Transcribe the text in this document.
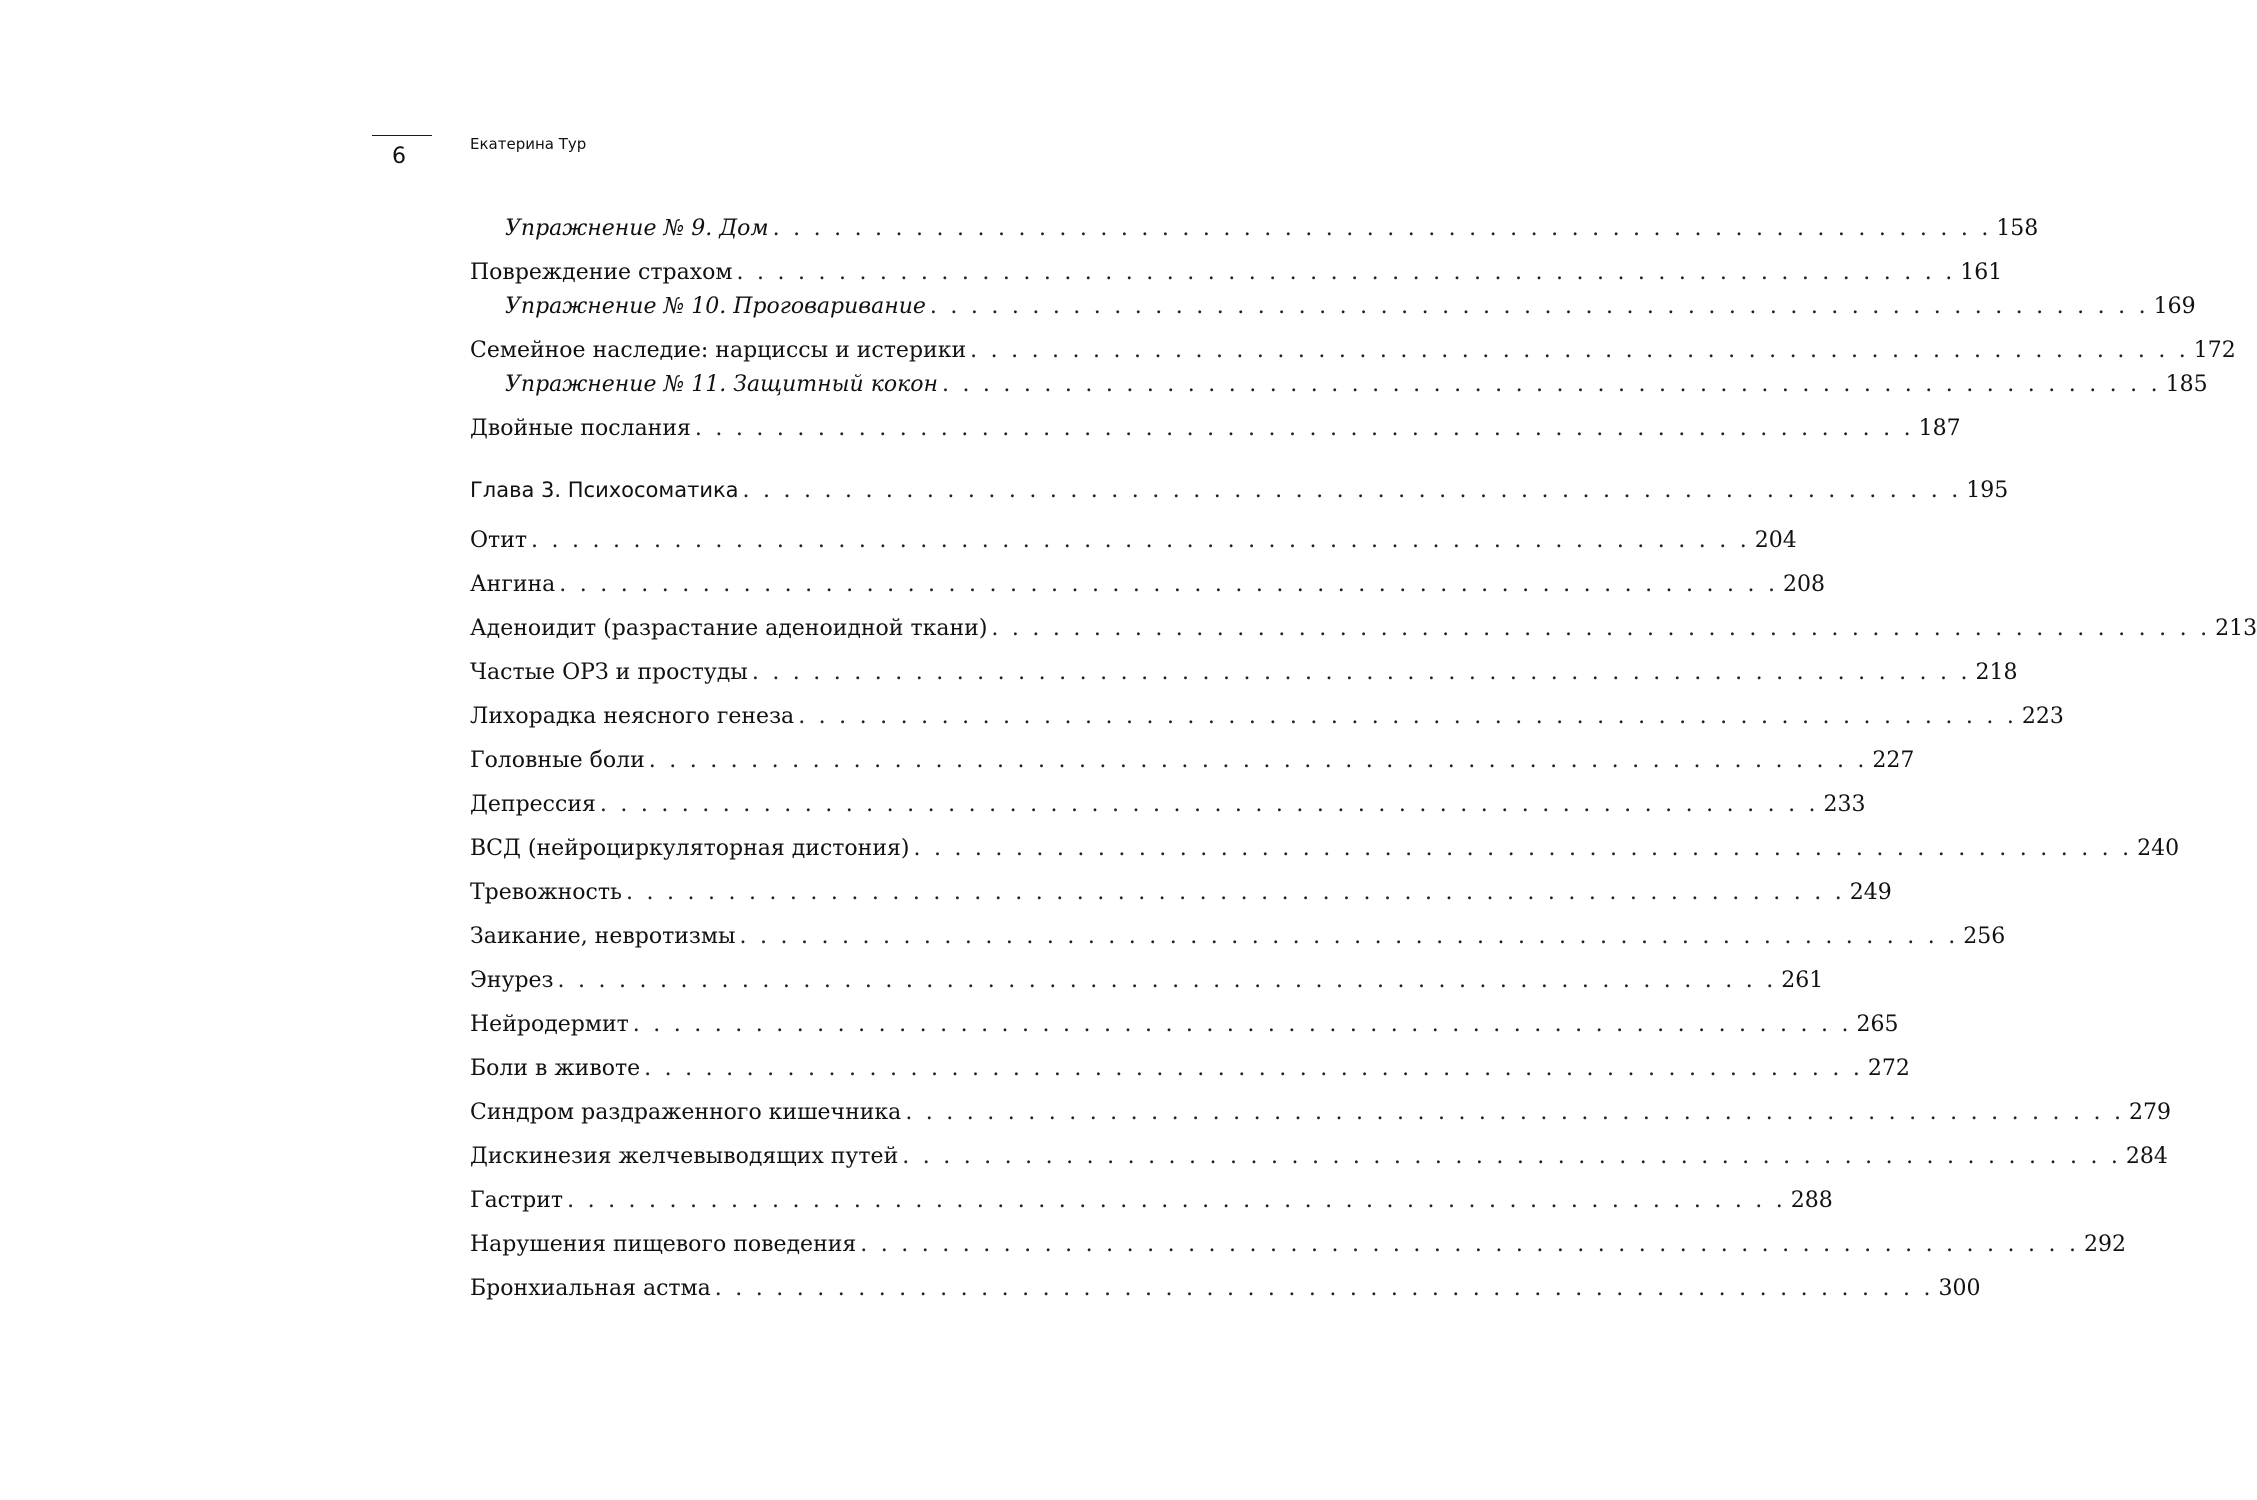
6	Екатерина Тур
Упражнение № 9. Дом . . . . . . . . . . . . . . . . . . . . . . . . . . . . . . . . . . . . . . . . . . . . . . . . . . . . . . . . . . . . 158
Повреждение страхом . . . . . . . . . . . . . . . . . . . . . . . . . . . . . . . . . . . . . . . . . . . . . . . . . . . . . . . . . . . . 161
Упражнение № 10. Проговаривание . . . . . . . . . . . . . . . . . . . . . . . . . . . . . . . . . . . . . . . . . . . . . . . . . . . . . . . . . . . . 169
Семейное наследие: нарциссы и истерики . . . . . . . . . . . . . . . . . . . . . . . . . . . . . . . . . . . . . . . . . . . . . . . . . . . . . . . . . . . . 172
Упражнение № 11. Защитный кокон . . . . . . . . . . . . . . . . . . . . . . . . . . . . . . . . . . . . . . . . . . . . . . . . . . . . . . . . . . . . 185
Двойные послания . . . . . . . . . . . . . . . . . . . . . . . . . . . . . . . . . . . . . . . . . . . . . . . . . . . . . . . . . . . . 187
Глава 3. Психосоматика . . . . . . . . . . . . . . . . . . . . . . . . . . . . . . . . . . . . . . . . . . . . . . . . . . . . . . . . . . . . 195
Отит . . . . . . . . . . . . . . . . . . . . . . . . . . . . . . . . . . . . . . . . . . . . . . . . . . . . . . . . . . . . 204
Ангина . . . . . . . . . . . . . . . . . . . . . . . . . . . . . . . . . . . . . . . . . . . . . . . . . . . . . . . . . . . . 208
Аденоидит (разрастание аденоидной ткани) . . . . . . . . . . . . . . . . . . . . . . . . . . . . . . . . . . . . . . . . . . . . . . . . . . . . . . . . . . . . 213
Частые ОРЗ и простуды . . . . . . . . . . . . . . . . . . . . . . . . . . . . . . . . . . . . . . . . . . . . . . . . . . . . . . . . . . . . 218
Лихорадка неясного генеза . . . . . . . . . . . . . . . . . . . . . . . . . . . . . . . . . . . . . . . . . . . . . . . . . . . . . . . . . . . . 223
Головные боли . . . . . . . . . . . . . . . . . . . . . . . . . . . . . . . . . . . . . . . . . . . . . . . . . . . . . . . . . . . . 227
Депрессия . . . . . . . . . . . . . . . . . . . . . . . . . . . . . . . . . . . . . . . . . . . . . . . . . . . . . . . . . . . . 233
ВСД (нейроциркуляторная дистония) . . . . . . . . . . . . . . . . . . . . . . . . . . . . . . . . . . . . . . . . . . . . . . . . . . . . . . . . . . . . 240
Тревожность . . . . . . . . . . . . . . . . . . . . . . . . . . . . . . . . . . . . . . . . . . . . . . . . . . . . . . . . . . . . 249
Заикание, невротизмы . . . . . . . . . . . . . . . . . . . . . . . . . . . . . . . . . . . . . . . . . . . . . . . . . . . . . . . . . . . . 256
Энурез . . . . . . . . . . . . . . . . . . . . . . . . . . . . . . . . . . . . . . . . . . . . . . . . . . . . . . . . . . . . 261
Нейродермит . . . . . . . . . . . . . . . . . . . . . . . . . . . . . . . . . . . . . . . . . . . . . . . . . . . . . . . . . . . . 265
Боли в животе . . . . . . . . . . . . . . . . . . . . . . . . . . . . . . . . . . . . . . . . . . . . . . . . . . . . . . . . . . . . 272
Синдром раздраженного кишечника . . . . . . . . . . . . . . . . . . . . . . . . . . . . . . . . . . . . . . . . . . . . . . . . . . . . . . . . . . . . 279
Дискинезия желчевыводящих путей . . . . . . . . . . . . . . . . . . . . . . . . . . . . . . . . . . . . . . . . . . . . . . . . . . . . . . . . . . . . 284
Гастрит . . . . . . . . . . . . . . . . . . . . . . . . . . . . . . . . . . . . . . . . . . . . . . . . . . . . . . . . . . . . 288
Нарушения пищевого поведения . . . . . . . . . . . . . . . . . . . . . . . . . . . . . . . . . . . . . . . . . . . . . . . . . . . . . . . . . . . . 292
Бронхиальная астма . . . . . . . . . . . . . . . . . . . . . . . . . . . . . . . . . . . . . . . . . . . . . . . . . . . . . . . . . . . . 300
